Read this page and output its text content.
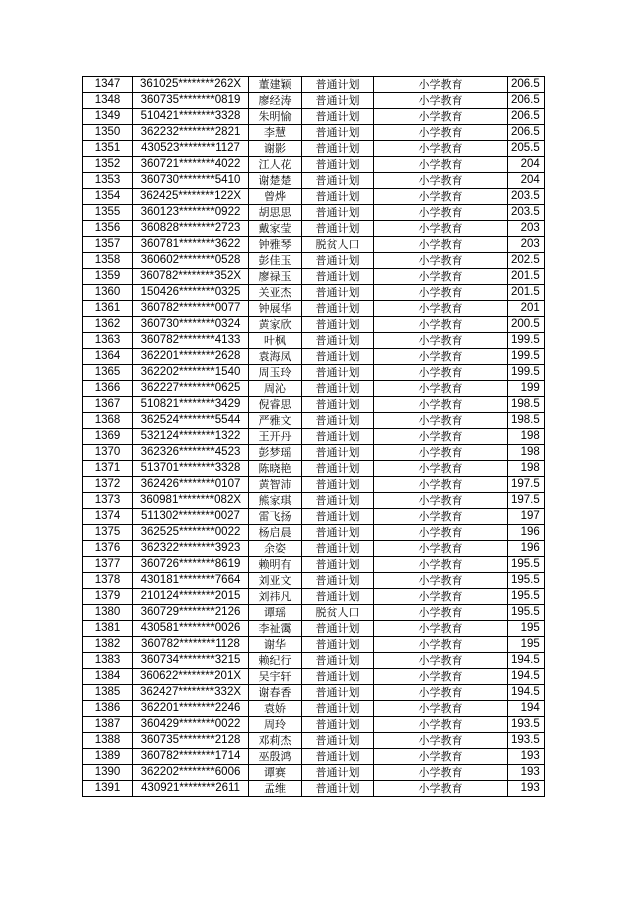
1347	361025********262X	董建颖	普通计划	小学教育	206.5
1348	360735********0819	廖经涛	普通计划	小学教育	206.5
1349	510421********3328	朱明愉	普通计划	小学教育	206.5
1350	362232********2821	李慧	普通计划	小学教育	206.5
1351	430523********1127	谢影	普通计划	小学教育	205.5
1352	360721********4022	江人花	普通计划	小学教育	204
1353	360730********5410	谢楚楚	普通计划	小学教育	204
1354	362425********122X	曾烨	普通计划	小学教育	203.5
1355	360123********0922	胡思思	普通计划	小学教育	203.5
1356	360828********2723	戴家莹	普通计划	小学教育	203
1357	360781********3622	钟雅琴	脱贫人口	小学教育	203
1358	360602********0528	彭佳玉	普通计划	小学教育	202.5
1359	360782********352X	廖禄玉	普通计划	小学教育	201.5
1360	150426********0325	关亚杰	普通计划	小学教育	201.5
1361	360782********0077	钟展华	普通计划	小学教育	201
1362	360730********0324	黄家欣	普通计划	小学教育	200.5
1363	360782********4133	叶枫	普通计划	小学教育	199.5
1364	362201********2628	袁海凤	普通计划	小学教育	199.5
1365	362202********1540	周玉玲	普通计划	小学教育	199.5
1366	362227********0625	周沁	普通计划	小学教育	199
1367	510821********3429	倪睿思	普通计划	小学教育	198.5
1368	362524********5544	严雅文	普通计划	小学教育	198.5
1369	532124********1322	王开丹	普通计划	小学教育	198
1370	362326********4523	彭梦瑶	普通计划	小学教育	198
1371	513701********3328	陈晓艳	普通计划	小学教育	198
1372	362426********0107	黄智沛	普通计划	小学教育	197.5
1373	360981********082X	熊家琪	普通计划	小学教育	197.5
1374	511302********0027	雷飞扬	普通计划	小学教育	197
1375	362525********0022	杨启晨	普通计划	小学教育	196
1376	362322********3923	余姿	普通计划	小学教育	196
1377	360726********8619	赖明有	普通计划	小学教育	195.5
1378	430181********7664	刘亚文	普通计划	小学教育	195.5
1379	210124********2015	刘祎凡	普通计划	小学教育	195.5
1380	360729********2126	谭瑶	脱贫人口	小学教育	195.5
1381	430581********0026	李祉霭	普通计划	小学教育	195
1382	360782********1128	谢华	普通计划	小学教育	195
1383	360734********3215	赖纪行	普通计划	小学教育	194.5
1384	360622********201X	吴宇轩	普通计划	小学教育	194.5
1385	362427********332X	谢春香	普通计划	小学教育	194.5
1386	362201********2246	袁娇	普通计划	小学教育	194
1387	360429********0022	周玲	普通计划	小学教育	193.5
1388	360735********2128	邓莉杰	普通计划	小学教育	193.5
1389	360782********1714	巫殷鸿	普通计划	小学教育	193
1390	362202********6006	谭赛	普通计划	小学教育	193
1391	430921********2611	孟维	普通计划	小学教育	193
